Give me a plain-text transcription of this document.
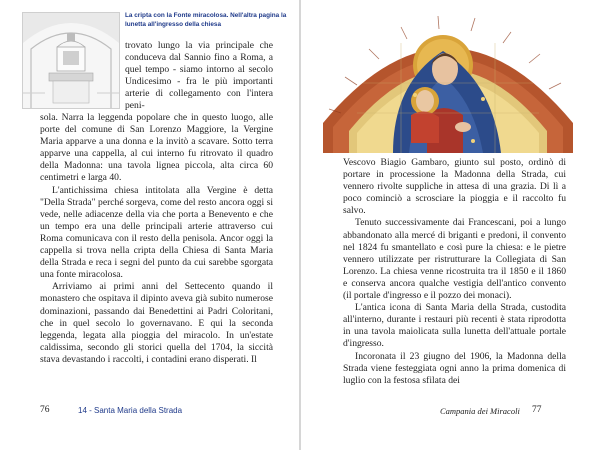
La cripta con la Fonte miracolosa. Nell'altra pagina la lunetta all'ingresso della chiesa

trovato lungo la via principale che conduceva dal Sannio fino a Roma, a quel tempo - siamo intorno al secolo Undicesimo - fra le più importanti arterie di collegamento con l'intera peni-

sola. Narra la leggenda popolare che in questo luogo, alle porte del comune di San Lorenzo Maggiore, la Vergine Maria apparve a una donna e la invitò a scavare. Sotto terra apparve una cappella, al cui interno fu ritrovato il quadro della Madonna: una tavola lignea piccola, alta circa 60 centimetri e larga 40.

L'antichissima chiesa intitolata alla Vergine è detta "Della Strada" perché sorgeva, come del resto ancora oggi si vede, nelle adiacenze della via che porta a Benevento e che un tempo era una delle principali arterie attraverso cui Roma comunicava con il resto della penisola. Ancor oggi la cappella si trova nella cripta della Chiesa di Santa Maria della Strada e reca i segni del punto da cui sarebbe sgorgata una fonte miracolosa.

Arriviamo ai primi anni del Settecento quando il monastero che ospitava il dipinto aveva già subito numerose dominazioni, passando dai Benedettini ai Padri Coloritani, che in quel secolo lo governavano. E qui la seconda leggenda, legata alla pioggia del miracolo. In un'estate caldissima, secondo gli storici quella del 1704, la siccità stava devastando i raccolti, i contadini erano disperati. Il

76	14 - Santa Maria della Strada

Vescovo Biagio Gambaro, giunto sul posto, ordinò di portare in processione la Madonna della Strada, cui vennero rivolte suppliche in attesa di una grazia. Di lì a poco cominciò a scrosciare la pioggia e il raccolto fu salvo.

Tenuto successivamente dai Francescani, poi a lungo abbandonato alla mercé di briganti e predoni, il convento nel 1824 fu smantellato e così pure la chiesa: e le pietre vennero utilizzate per ristrutturare la Collegiata di San Lorenzo. La chiesa venne ricostruita tra il 1850 e il 1860 e conserva ancora qualche vestigia dell'antico convento (il portale d'ingresso e il pozzo dei monaci).

L'antica icona di Santa Maria della Strada, custodita all'interno, durante i restauri più recenti è stata riprodotta in una tavola maiolicata sulla lunetta dell'attuale portale d'ingresso.

Incoronata il 23 giugno del 1906, la Madonna della Strada viene festeggiata ogni anno la prima domenica di luglio con la festosa sfilata dei

Campania dei Miracoli 77
